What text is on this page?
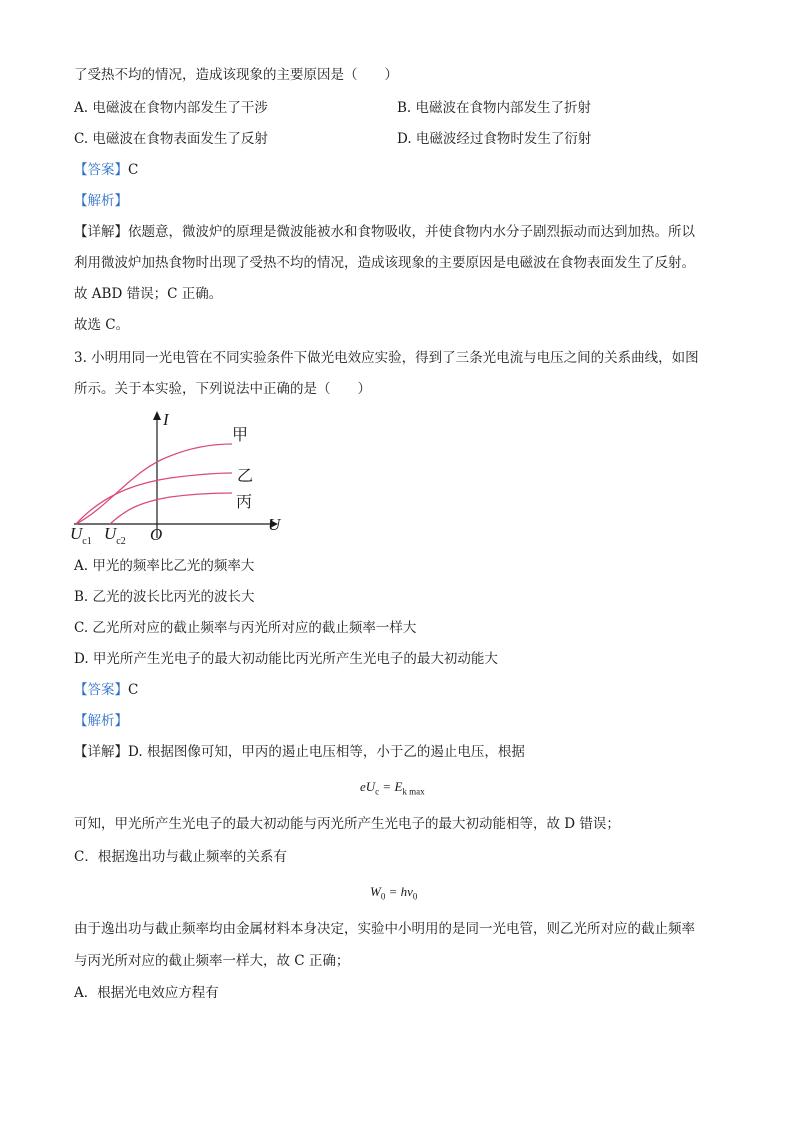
了受热不均的情况，造成该现象的主要原因是（　　）
A. 电磁波在食物内部发生了干涉	B. 电磁波在食物内部发生了折射
C. 电磁波在食物表面发生了反射	D. 电磁波经过食物时发生了衍射
【答案】C
【解析】
【详解】依题意，微波炉的原理是微波能被水和食物吸收，并使食物内水分子剧烈振动而达到加热。所以
利用微波炉加热食物时出现了受热不均的情况，造成该现象的主要原因是电磁波在食物表面发生了反射。
故 ABD 错误；C 正确。
故选 C。
3. 小明用同一光电管在不同实验条件下做光电效应实验，得到了三条光电流与电压之间的关系曲线，如图
所示。关于本实验，下列说法中正确的是（　　）
I
U
O
$U_{c1}$ $U_{c2}$
甲
乙
丙
A. 甲光的频率比乙光的频率大
B. 乙光的波长比丙光的波长大
C. 乙光所对应的截止频率与丙光所对应的截止频率一样大
D. 甲光所产生光电子的最大初动能比丙光所产生光电子的最大初动能大
【答案】C
【解析】
【详解】D. 根据图像可知，甲丙的遏止电压相等，小于乙的遏止电压，根据
$eU_c = E_{k max}$
可知，甲光所产生光电子的最大初动能与丙光所产生光电子的最大初动能相等，故 D 错误；
C．根据逸出功与截止频率的关系有
$W_0 = h\nu_0$
由于逸出功与截止频率均由金属材料本身决定，实验中小明用的是同一光电管，则乙光所对应的截止频率
与丙光所对应的截止频率一样大，故 C 正确；
A．根据光电效应方程有
